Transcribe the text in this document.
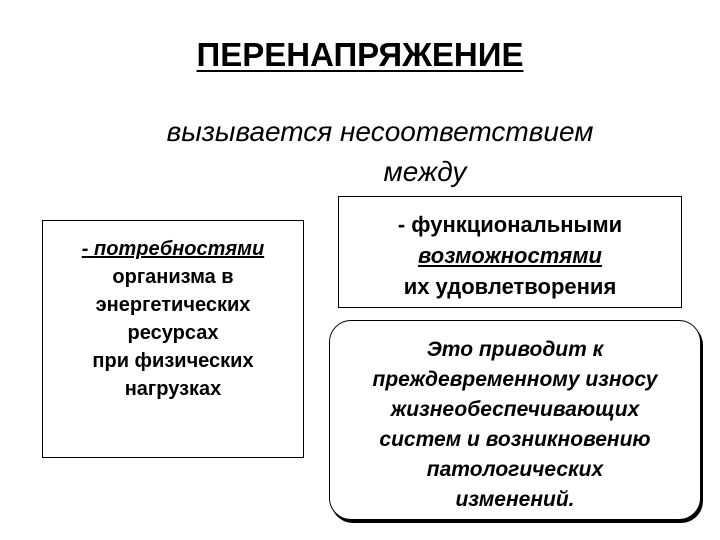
ПЕРЕНАПРЯЖЕНИЕ
вызывается несоответствием
между
- потребностями
организма в
энергетических
ресурсах
при физических
нагрузках
- функциональными
возможностями
их удовлетворения
Это приводит к
преждевременному износу
жизнеобеспечивающих
систем и возникновению
патологических
изменений.
